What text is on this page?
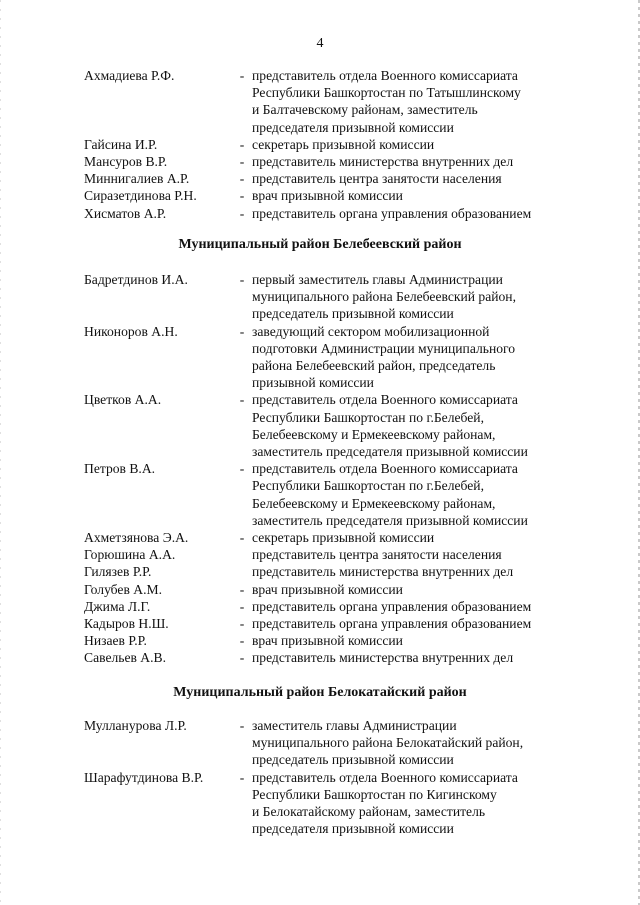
4
Ахмадиева Р.Ф.	- представитель отдела Военного комиссариата
Республики Башкортостан по Татышлинскому
и Балтачевскому районам, заместитель
председателя призывной комиссии
Гайсина И.Р.	- секретарь призывной комиссии
Мансуров В.Р.	- представитель министерства внутренних дел
Миннигалиев А.Р.	- представитель центра занятости населения
Сиразетдинова Р.Н.	- врач призывной комиссии
Хисматов А.Р.	- представитель органа управления образованием
Муниципальный район Белебеевский район
Бадретдинов И.А.	- первый заместитель главы Администрации
муниципального района Белебеевский район,
председатель призывной комиссии
Никоноров А.Н.	- заведующий сектором мобилизационной
подготовки Администрации муниципального
района Белебеевский район, председатель
призывной комиссии
Цветков А.А.	- представитель отдела Военного комиссариата
Республики Башкортостан по г.Белебей,
Белебеевскому и Ермекеевскому районам,
заместитель председателя призывной комиссии
Петров В.А.	- представитель отдела Военного комиссариата
Республики Башкортостан по г.Белебей,
Белебеевскому и Ермекеевскому районам,
заместитель председателя призывной комиссии
Ахметзянова Э.А.	- секретарь призывной комиссии
Горюшина А.А.	представитель центра занятости населения
Гилязев Р.Р.	представитель министерства внутренних дел
Голубев А.М.	- врач призывной комиссии
Джима Л.Г.	- представитель органа управления образованием
Кадыров Н.Ш.	- представитель органа управления образованием
Низаев Р.Р.	- врач призывной комиссии
Савельев А.В.	- представитель министерства внутренних дел
Муниципальный район Белокатайский район
Мулланурова Л.Р.	- заместитель главы Администрации
муниципального района Белокатайский район,
председатель призывной комиссии
Шарафутдинова В.Р.	- представитель отдела Военного комиссариата
Республики Башкортостан по Кигинскому
и Белокатайскому районам, заместитель
председателя призывной комиссии
